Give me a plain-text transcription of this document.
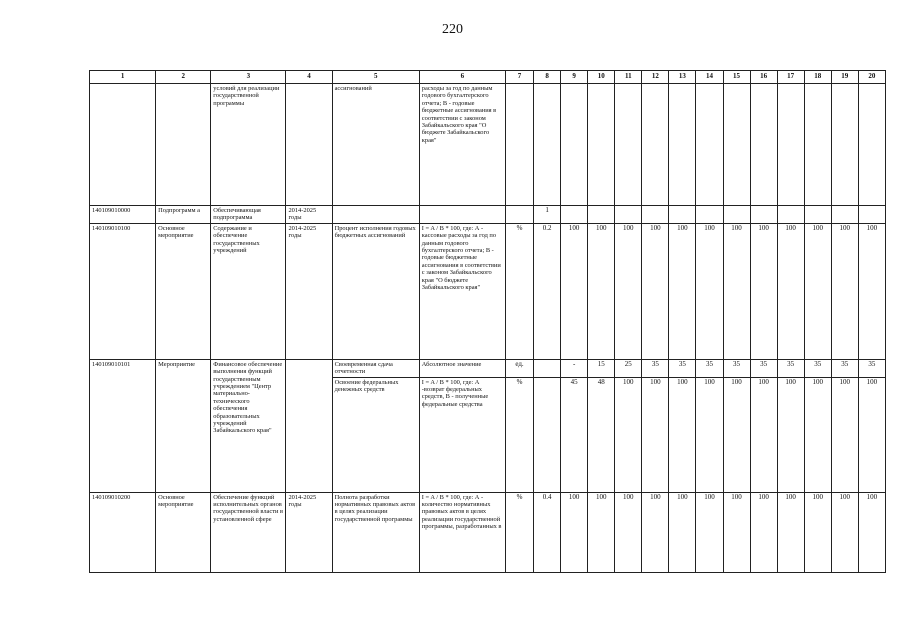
220
1	2	3	4	5	6	7	8	9	10	11	12	13	14	15	16	17	18	19	20
		условий для реализации государственной программы		ассигнований	расходы за год по данным годового бухгалтерского отчета; В - годовые бюджетные ассигнования в соответствии с законом Забайкальского края "О бюджете Забайкальского края"														
140109010000	Подпрограмм а	Обеспечивающая подпрограмма	2014-2025 годы				1												
140109010100	Основное мероприятие	Содержание и обеспечение государственных учреждений	2014-2025 годы	Процент исполнения годовых бюджетных ассигнований	I = A / B * 100, где: А - кассовые расходы за год по данным годового бухгалтерского отчета; В - годовые бюджетные ассигнования в соответствии с законом Забайкальского края "О бюджете Забайкальского края"	%	0.2	100	100	100	100	100	100	100	100	100	100	100	100
140109010101	Мероприятие	Финансовое обеспечение выполнения функций государственным учреждением "Центр материально-технического обеспечения образовательных учреждений Забайкальского края"		Своевременная сдача отчетности	Абсолютное значение	ед.		-	15	25	35	35	35	35	35	35	35	35	35
				Освоение федеральных денежных средств	I = A / B * 100, где: А -возврат федеральных средств, В - полученные федеральные средства	%		45	48	100	100	100	100	100	100	100	100	100	100
140109010200	Основное мероприятие	Обеспечение функций исполнительных органов государственной власти в установленной сфере	2014-2025 годы	Полнота разработки нормативных правовых актов в целях реализации государственной программы	I = A / B * 100, где: А - количество нормативных правовых актов в целях реализации государственной программы, разработанных в	%	0.4	100	100	100	100	100	100	100	100	100	100	100	100
